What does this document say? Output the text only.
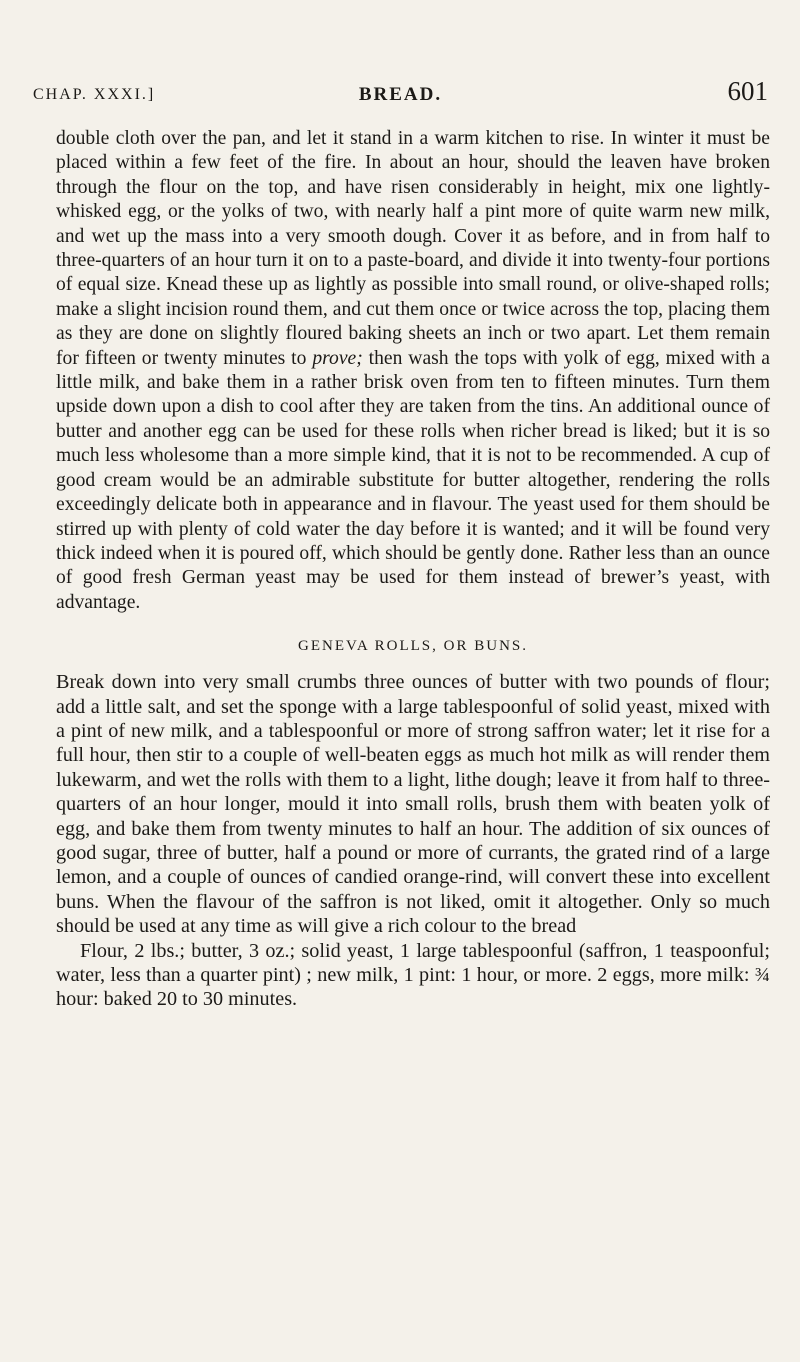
CHAP. XXXI.]	BREAD.	601

double cloth over the pan, and let it stand in a warm kitchen to rise. In winter it must be placed within a few feet of the fire. In about an hour, should the leaven have broken through the flour on the top, and have risen considerably in height, mix one lightly-whisked egg, or the yolks of two, with nearly half a pint more of quite warm new milk, and wet up the mass into a very smooth dough. Cover it as before, and in from half to three-quarters of an hour turn it on to a paste-board, and divide it into twenty-four portions of equal size. Knead these up as lightly as possible into small round, or olive-shaped rolls; make a slight incision round them, and cut them once or twice across the top, placing them as they are done on slightly floured baking sheets an inch or two apart. Let them remain for fifteen or twenty minutes to prove; then wash the tops with yolk of egg, mixed with a little milk, and bake them in a rather brisk oven from ten to fifteen minutes. Turn them upside down upon a dish to cool after they are taken from the tins. An additional ounce of butter and another egg can be used for these rolls when richer bread is liked; but it is so much less wholesome than a more simple kind, that it is not to be recommended. A cup of good cream would be an admirable substitute for butter altogether, rendering the rolls exceedingly delicate both in appearance and in flavour. The yeast used for them should be stirred up with plenty of cold water the day before it is wanted; and it will be found very thick indeed when it is poured off, which should be gently done. Rather less than an ounce of good fresh German yeast may be used for them instead of brewer’s yeast, with advantage.

GENEVA ROLLS, OR BUNS.

Break down into very small crumbs three ounces of butter with two pounds of flour; add a little salt, and set the sponge with a large tablespoonful of solid yeast, mixed with a pint of new milk, and a tablespoonful or more of strong saffron water; let it rise for a full hour, then stir to a couple of well-beaten eggs as much hot milk as will render them lukewarm, and wet the rolls with them to a light, lithe dough; leave it from half to three-quarters of an hour longer, mould it into small rolls, brush them with beaten yolk of egg, and bake them from twenty minutes to half an hour. The addition of six ounces of good sugar, three of butter, half a pound or more of currants, the grated rind of a large lemon, and a couple of ounces of candied orange-rind, will convert these into excellent buns. When the flavour of the saffron is not liked, omit it altogether. Only so much should be used at any time as will give a rich colour to the bread

Flour, 2 lbs.; butter, 3 oz.; solid yeast, 1 large tablespoonful (saffron, 1 teaspoonful; water, less than a quarter pint) ; new milk, 1 pint: 1 hour, or more. 2 eggs, more milk: ¾ hour: baked 20 to 30 minutes.
